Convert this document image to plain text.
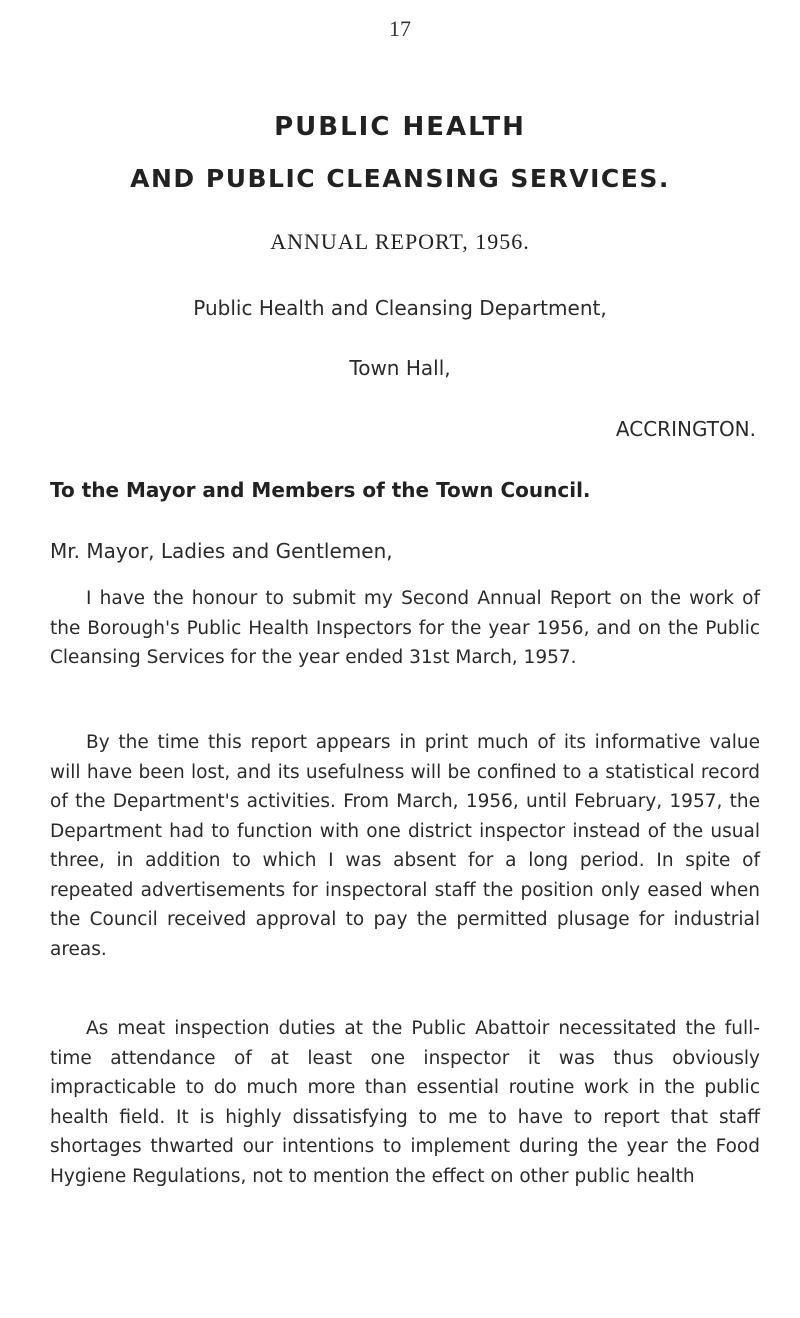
17
PUBLIC HEALTH
AND PUBLIC CLEANSING SERVICES.
ANNUAL REPORT, 1956.
Public Health and Cleansing Department,
Town Hall,
ACCRINGTON.
To the Mayor and Members of the Town Council.
Mr. Mayor, Ladies and Gentlemen,
I have the honour to submit my Second Annual Report on the work of the Borough's Public Health Inspectors for the year 1956, and on the Public Cleansing Services for the year ended 31st March, 1957.
By the time this report appears in print much of its informative value will have been lost, and its usefulness will be confined to a statistical record of the Department's activities. From March, 1956, until February, 1957, the Department had to function with one district inspector instead of the usual three, in addition to which I was absent for a long period. In spite of repeated advertisements for inspectoral staff the position only eased when the Council received approval to pay the permitted plusage for industrial areas.
As meat inspection duties at the Public Abattoir necessitated the full-time attendance of at least one inspector it was thus obviously impracticable to do much more than essential routine work in the public health field. It is highly dissatisfying to me to have to report that staff shortages thwarted our intentions to implement during the year the Food Hygiene Regulations, not to mention the effect on other public health
